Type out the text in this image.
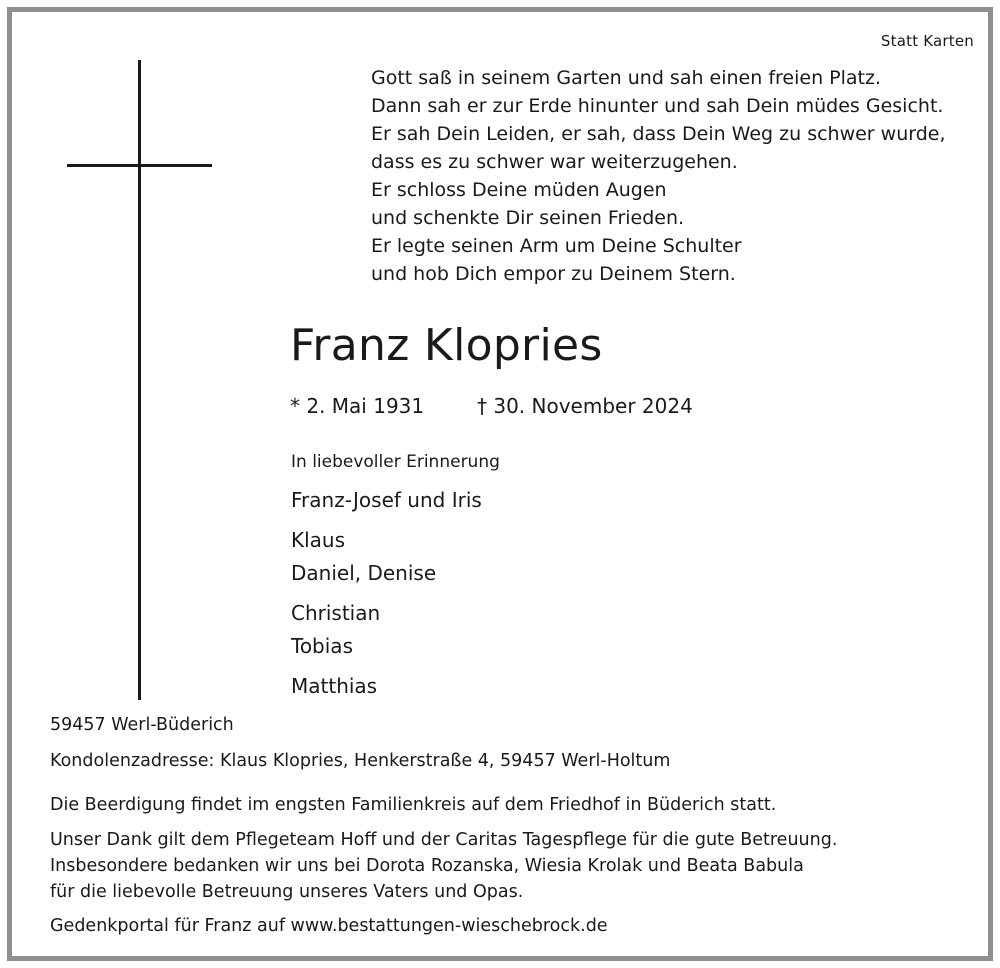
Statt Karten
Gott saß in seinem Garten und sah einen freien Platz.
Dann sah er zur Erde hinunter und sah Dein müdes Gesicht.
Er sah Dein Leiden, er sah, dass Dein Weg zu schwer wurde,
dass es zu schwer war weiterzugehen.
Er schloss Deine müden Augen
und schenkte Dir seinen Frieden.
Er legte seinen Arm um Deine Schulter
und hob Dich empor zu Deinem Stern.
Franz Klopries
* 2. Mai 1931	† 30. November 2024
In liebevoller Erinnerung
Franz-Josef und Iris
Klaus
Daniel, Denise
Christian
Tobias
Matthias
59457 Werl-Büderich
Kondolenzadresse: Klaus Klopries, Henkerstraße 4, 59457 Werl-Holtum
Die Beerdigung findet im engsten Familienkreis auf dem Friedhof in Büderich statt.
Unser Dank gilt dem Pflegeteam Hoff und der Caritas Tagespflege für die gute Betreuung.
Insbesondere bedanken wir uns bei Dorota Rozanska, Wiesia Krolak und Beata Babula
für die liebevolle Betreuung unseres Vaters und Opas.
Gedenkportal für Franz auf www.bestattungen-wieschebrock.de
